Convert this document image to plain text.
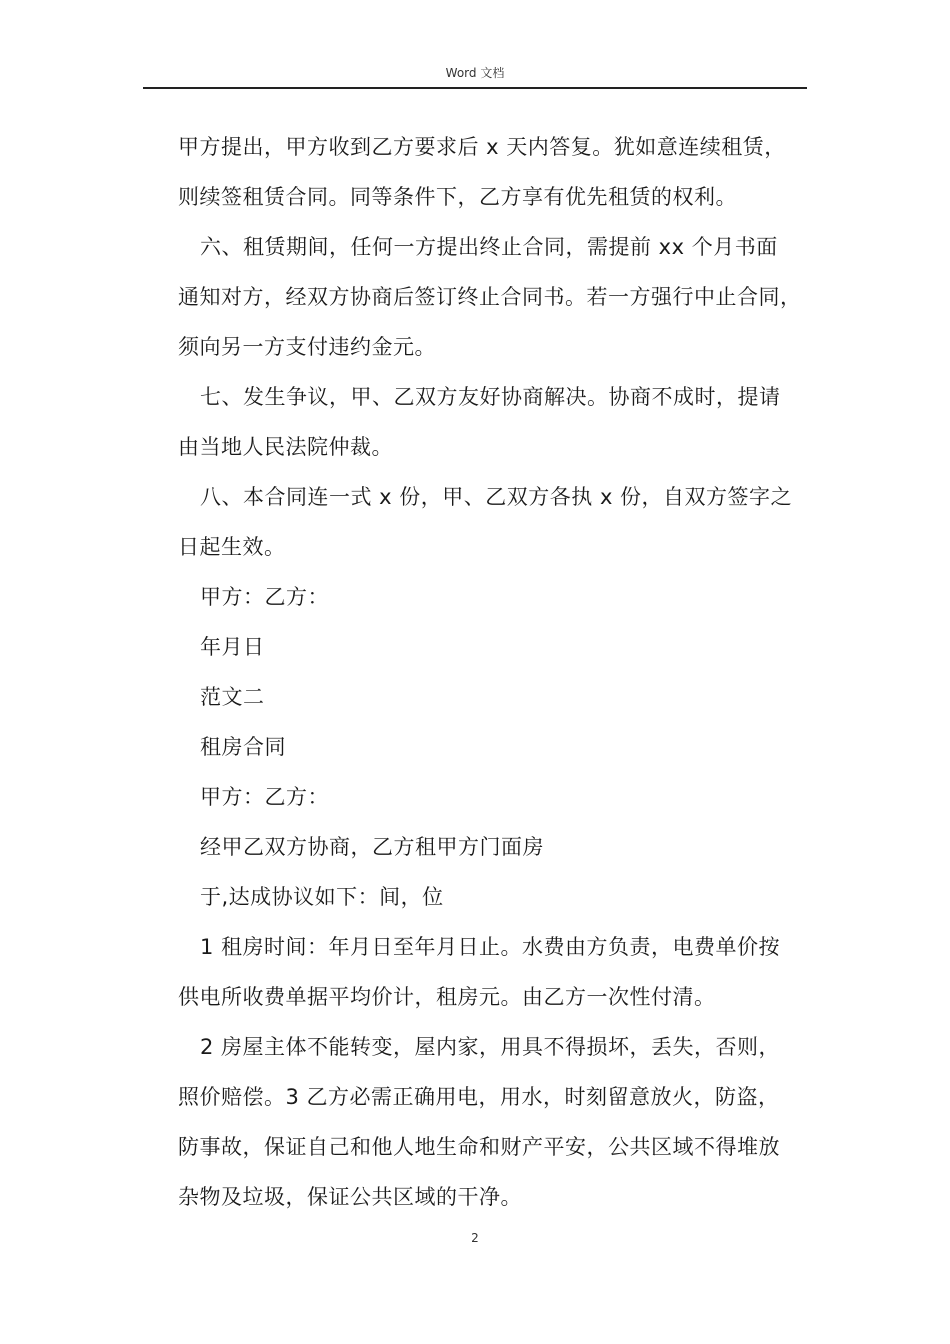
Word 文档

甲方提出，甲方收到乙方要求后 x 天内答复。犹如意连续租赁，

则续签租赁合同。同等条件下，乙方享有优先租赁的权利。

六、租赁期间，任何一方提出终止合同，需提前 xx 个月书面

通知对方，经双方协商后签订终止合同书。若一方强行中止合同，

须向另一方支付违约金元。

七、发生争议，甲、乙双方友好协商解决。协商不成时，提请

由当地人民法院仲裁。

八、本合同连一式 x 份，甲、乙双方各执 x 份，自双方签字之

日起生效。

甲方：乙方：

年月日

范文二

租房合同

甲方：乙方：

经甲乙双方协商，乙方租甲方门面房

于,达成协议如下：间，位

1 租房时间：年月日至年月日止。水费由方负责，电费单价按

供电所收费单据平均价计，租房元。由乙方一次性付清。

2 房屋主体不能转变，屋内家，用具不得损坏，丢失，否则，

照价赔偿。3 乙方必需正确用电，用水，时刻留意放火，防盗，

防事故，保证自己和他人地生命和财产平安，公共区域不得堆放

杂物及垃圾，保证公共区域的干净。

2
